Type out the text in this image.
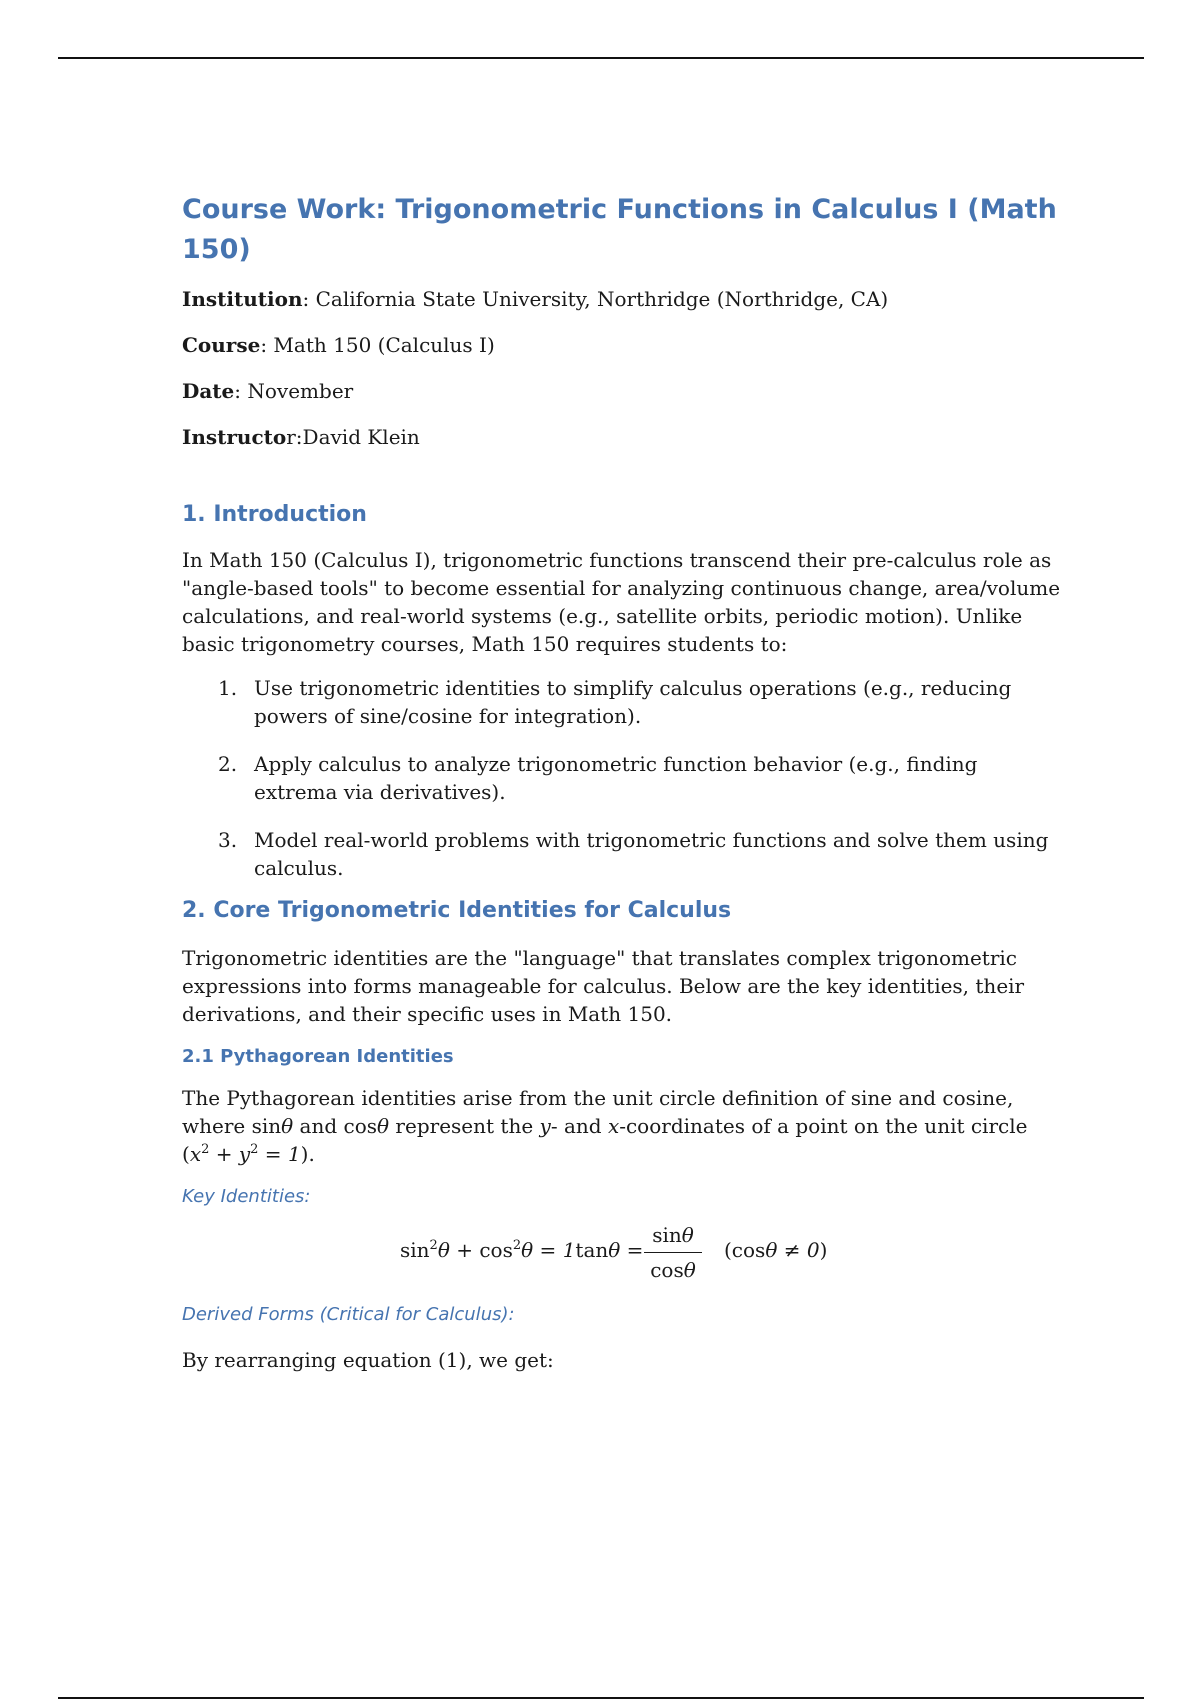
Course Work: Trigonometric Functions in Calculus I (Math 150)

Institution: California State University, Northridge (Northridge, CA)

Course: Math 150 (Calculus I)

Date: November

Instructor:David Klein

1. Introduction

In Math 150 (Calculus I), trigonometric functions transcend their pre-calculus role as "angle-based tools" to become essential for analyzing continuous change, area/volume calculations, and real-world systems (e.g., satellite orbits, periodic motion). Unlike basic trigonometry courses, Math 150 requires students to:

1. Use trigonometric identities to simplify calculus operations (e.g., reducing powers of sine/cosine for integration).
2. Apply calculus to analyze trigonometric function behavior (e.g., finding extrema via derivatives).
3. Model real-world problems with trigonometric functions and solve them using calculus.
2. Core Trigonometric Identities for Calculus

Trigonometric identities are the "language" that translates complex trigonometric expressions into forms manageable for calculus. Below are the key identities, their derivations, and their specific uses in Math 150.

2.1 Pythagorean Identities

The Pythagorean identities arise from the unit circle definition of sine and cosine, where sinθ and cosθ represent the y- and x-coordinates of a point on the unit circle
$(x^2 + y^2 = 1)$.

Key Identities:

$\sin^2\theta + \cos^2\theta = 1\tan\theta$ =
sinθ
cosθ
(cosθ ≠ 0)

Derived Forms (Critical for Calculus):

By rearranging equation (1), we get:
